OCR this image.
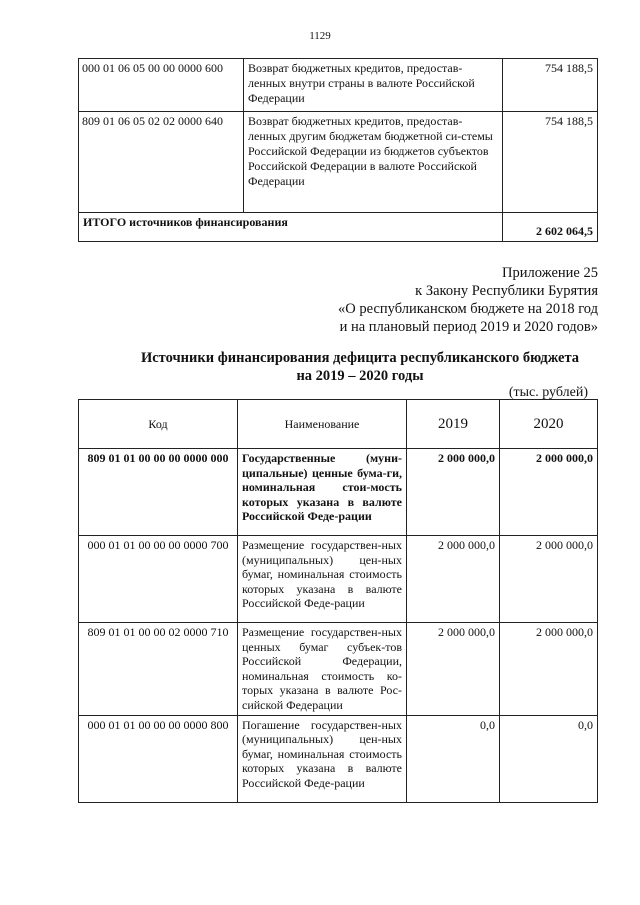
1129
000 01 06 05 00 00 0000 600	Возврат бюджетных кредитов, предостав-ленных внутри страны в валюте Российской Федерации	754 188,5
809 01 06 05 02 02 0000 640	Возврат бюджетных кредитов, предостав-ленных другим бюджетам бюджетной си-стемы Российской Федерации из бюджетов субъектов Российской Федерации в валюте Российской Федерации	754 188,5
ИТОГО источников финансирования		2 602 064,5
Приложение 25
к Закону Республики Бурятия
«О республиканском бюджете на 2018 год
и на плановый период 2019 и 2020 годов»
Источники финансирования дефицита республиканского бюджета
на 2019 – 2020 годы
(тыс. рублей)
Код	Наименование	2019	2020
809 01 01 00 00 00 0000 000	Государственные (муни-ципальные) ценные бума-ги, номинальная стои-мость которых указана в валюте Российской Феде-рации	2 000 000,0	2 000 000,0
000 01 01 00 00 00 0000 700	Размещение государствен-ных (муниципальных) цен-ных бумаг, номинальная стоимость которых указана в валюте Российской Феде-рации	2 000 000,0	2 000 000,0
809 01 01 00 00 02 0000 710	Размещение государствен-ных ценных бумаг субъек-тов Российской Федерации, номинальная стоимость ко-торых указана в валюте Рос-сийской Федерации	2 000 000,0	2 000 000,0
000 01 01 00 00 00 0000 800	Погашение государствен-ных (муниципальных) цен-ных бумаг, номинальная стоимость которых указана в валюте Российской Феде-рации	0,0	0,0
